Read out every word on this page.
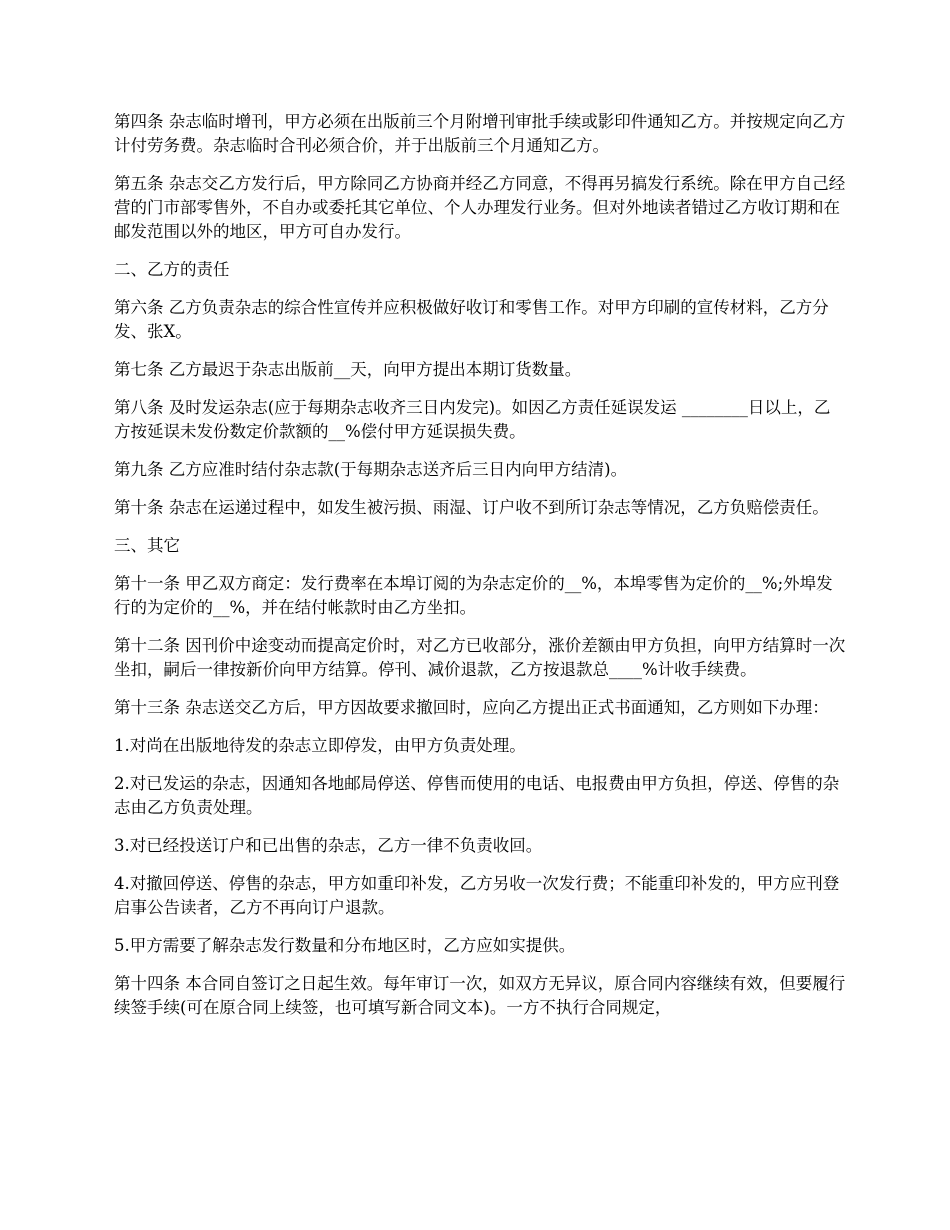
第四条 杂志临时增刊，甲方必须在出版前三个月附增刊审批手续或影印件通知乙方。并按规定向乙方计付劳务费。杂志临时合刊必须合价，并于出版前三个月通知乙方。

第五条 杂志交乙方发行后，甲方除同乙方协商并经乙方同意，不得再另搞发行系统。除在甲方自己经营的门市部零售外，不自办或委托其它单位、个人办理发行业务。但对外地读者错过乙方收订期和在邮发范围以外的地区，甲方可自办发行。

二、乙方的责任

第六条 乙方负责杂志的综合性宣传并应积极做好收订和零售工作。对甲方印刷的宣传材料，乙方分发、张X。

第七条 乙方最迟于杂志出版前__天，向甲方提出本期订货数量。

第八条 及时发运杂志(应于每期杂志收齐三日内发完)。如因乙方责任延误发运 ________日以上，乙方按延误未发份数定价款额的__%偿付甲方延误损失费。

第九条 乙方应准时结付杂志款(于每期杂志送齐后三日内向甲方结清)。

第十条 杂志在运递过程中，如发生被污损、雨湿、订户收不到所订杂志等情况，乙方负赔偿责任。

三、其它

第十一条 甲乙双方商定：发行费率在本埠订阅的为杂志定价的__%，本埠零售为定价的__%;外埠发行的为定价的__%，并在结付帐款时由乙方坐扣。

第十二条 因刊价中途变动而提高定价时，对乙方已收部分，涨价差额由甲方负担，向甲方结算时一次坐扣，嗣后一律按新价向甲方结算。停刊、减价退款，乙方按退款总____%计收手续费。

第十三条 杂志送交乙方后，甲方因故要求撤回时，应向乙方提出正式书面通知，乙方则如下办理：

1.对尚在出版地待发的杂志立即停发，由甲方负责处理。

2.对已发运的杂志，因通知各地邮局停送、停售而使用的电话、电报费由甲方负担，停送、停售的杂志由乙方负责处理。

3.对已经投送订户和已出售的杂志，乙方一律不负责收回。

4.对撤回停送、停售的杂志，甲方如重印补发，乙方另收一次发行费；不能重印补发的，甲方应刊登启事公告读者，乙方不再向订户退款。

5.甲方需要了解杂志发行数量和分布地区时，乙方应如实提供。

第十四条 本合同自签订之日起生效。每年审订一次，如双方无异议，原合同内容继续有效，但要履行续签手续(可在原合同上续签，也可填写新合同文本)。一方不执行合同规定，
